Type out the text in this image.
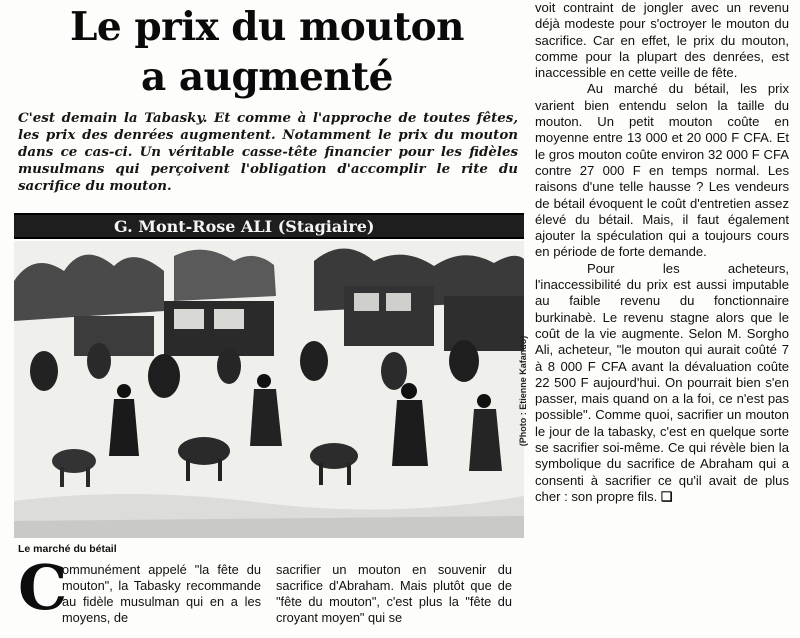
Le prix du mouton
a augmenté
C'est demain la Tabasky. Et comme à l'approche de toutes fêtes, les prix des denrées augmentent. Notamment le prix du mouton dans ce cas-ci. Un véritable casse-tête financier pour les fidèles musulmans qui perçoivent l'obligation d'accomplir le rite du sacrifice du mouton.
G. Mont-Rose ALI (Stagiaire)
(Photo : Etienne Kafando)
Le marché du bétail
C
ommunément appelé "la fête du mouton", la Tabasky recommande au fidèle musulman qui en a les moyens, de
sacrifier un mouton en souvenir du sacrifice d'Abraham. Mais plutôt que de "fête du mouton", c'est plus la "fête du croyant moyen" qui se

voit contraint de jongler avec un revenu déjà modeste pour s'octroyer le mouton du sacrifice. Car en effet, le prix du mouton, comme pour la plupart des denrées, est inaccessible en cette veille de fête.

Au marché du bétail, les prix varient bien entendu selon la taille du mouton. Un petit mouton coûte en moyenne entre 13 000 et 20 000 F CFA. Et le gros mouton coûte environ 32 000 F CFA contre 27 000 F en temps normal. Les raisons d'une telle hausse ? Les vendeurs de bétail évoquent le coût d'entretien assez élevé du bétail. Mais, il faut également ajouter la spéculation qui a toujours cours en période de forte demande.

Pour les acheteurs, l'inaccessibilité du prix est aussi imputable au faible revenu du fonctionnaire burkinabè. Le revenu stagne alors que le coût de la vie augmente. Selon M. Sorgho Ali, acheteur, "le mouton qui aurait coûté 7 à 8 000 F CFA avant la dévaluation coûte 22 500 F aujourd'hui. On pourrait bien s'en passer, mais quand on a la foi, ce n'est pas possible". Comme quoi, sacrifier un mouton le jour de la tabasky, c'est en quelque sorte se sacrifier soi-même. Ce qui révèle bien la symbolique du sacrifice de Abraham qui a consenti à sacrifier ce qu'il avait de plus cher : son propre fils. ❑
